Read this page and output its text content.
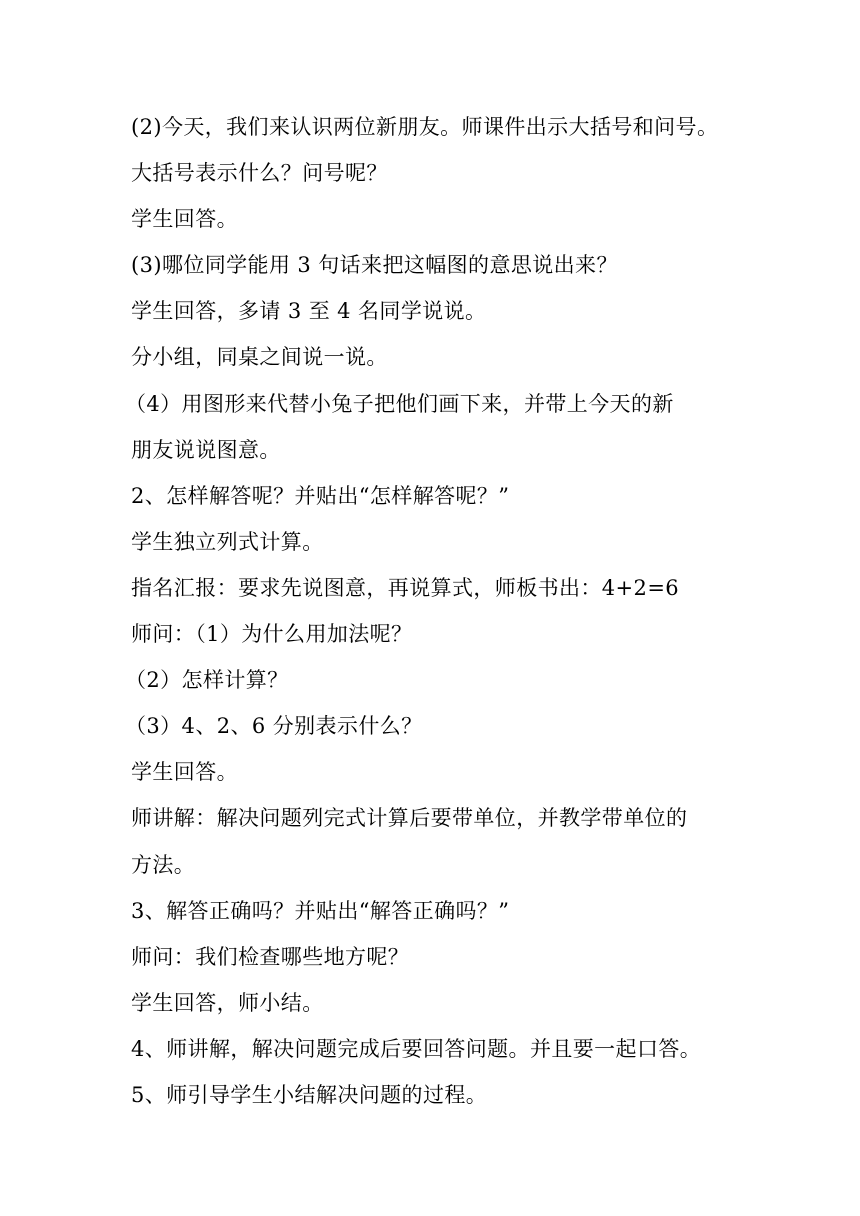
(2)今天，我们来认识两位新朋友。师课件出示大括号和问号。
大括号表示什么？问号呢？
学生回答。
(3)哪位同学能用 3 句话来把这幅图的意思说出来？
学生回答，多请 3 至 4 名同学说说。
分小组，同桌之间说一说。
（4）用图形来代替小兔子把他们画下来，并带上今天的新
朋友说说图意。
2、怎样解答呢？并贴出“怎样解答呢？”
学生独立列式计算。
指名汇报：要求先说图意，再说算式，师板书出：4+2=6
师问：（1）为什么用加法呢？
（2）怎样计算？
（3）4、2、6 分别表示什么？
学生回答。
师讲解：解决问题列完式计算后要带单位，并教学带单位的
方法。
3、解答正确吗？并贴出“解答正确吗？”
师问：我们检查哪些地方呢？
学生回答，师小结。
4、师讲解，解决问题完成后要回答问题。并且要一起口答。
5、师引导学生小结解决问题的过程。
